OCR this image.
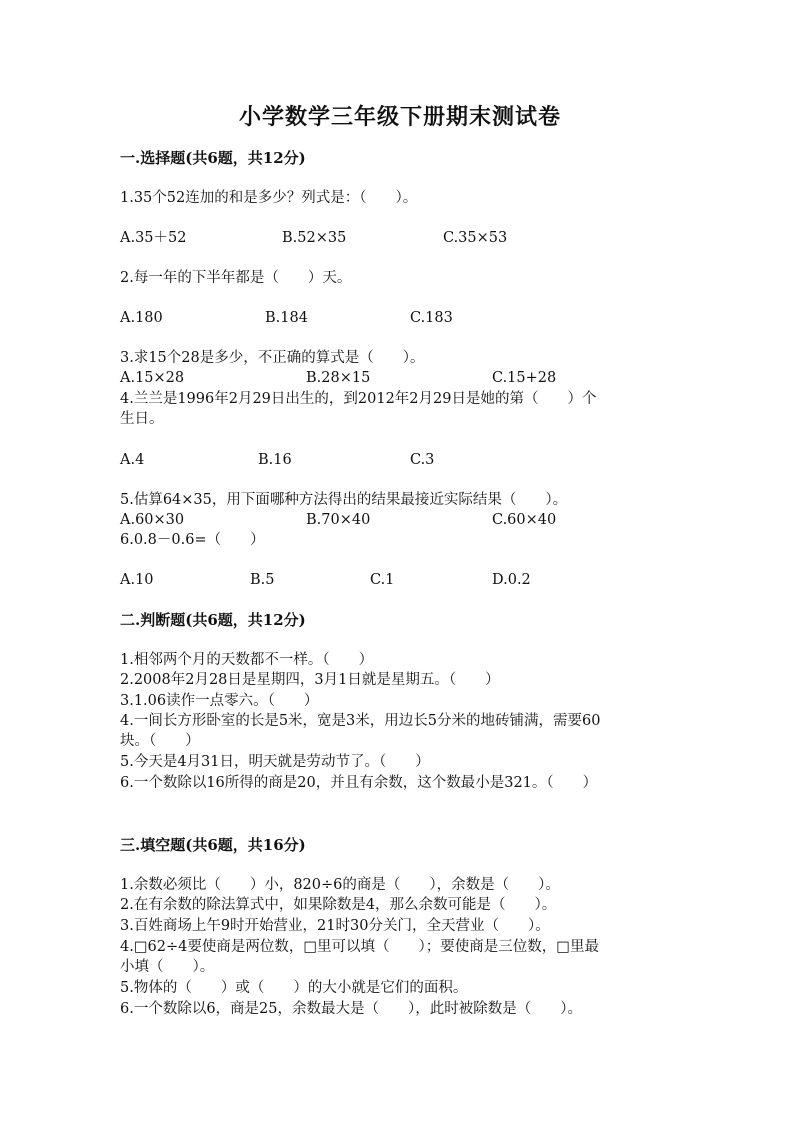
小学数学三年级下册期末测试卷
一.选择题(共6题，共12分)
1.35个52连加的和是多少？列式是：（　　）。
A.35＋52	B.52×35	C.35×53
2.每一年的下半年都是（　　）天。
A.180	B.184	C.183
3.求15个28是多少，不正确的算式是（　　）。
A.15×28	B.28×15	C.15+28
4.兰兰是1996年2月29日出生的，到2012年2月29日是她的第（　　）个
生日。
A.4	B.16	C.3
5.估算64×35，用下面哪种方法得出的结果最接近实际结果（　　）。
A.60×30	B.70×40	C.60×40
6.0.8－0.6=（　　）
A.10	B.5	C.1	D.0.2
二.判断题(共6题，共12分)
1.相邻两个月的天数都不一样。（　　）
2.2008年2月28日是星期四，3月1日就是星期五。（　　）
3.1.06读作一点零六。（　　）
4.一间长方形卧室的长是5米，宽是3米，用边长5分米的地砖铺满，需要60
块。（　　）
5.今天是4月31日，明天就是劳动节了。（　　）
6.一个数除以16所得的商是20，并且有余数，这个数最小是321。（　　）
三.填空题(共6题，共16分)
1.余数必须比（　　）小，820÷6的商是（　　），余数是（　　）。
2.在有余数的除法算式中，如果除数是4，那么余数可能是（　　）。
3.百姓商场上午9时开始营业，21时30分关门，全天营业（　　）。
4.□62÷4要使商是两位数，□里可以填（　　）；要使商是三位数，□里最
小填（　　）。
5.物体的（　　）或（　　）的大小就是它们的面积。
6.一个数除以6，商是25，余数最大是（　　），此时被除数是（　　）。
